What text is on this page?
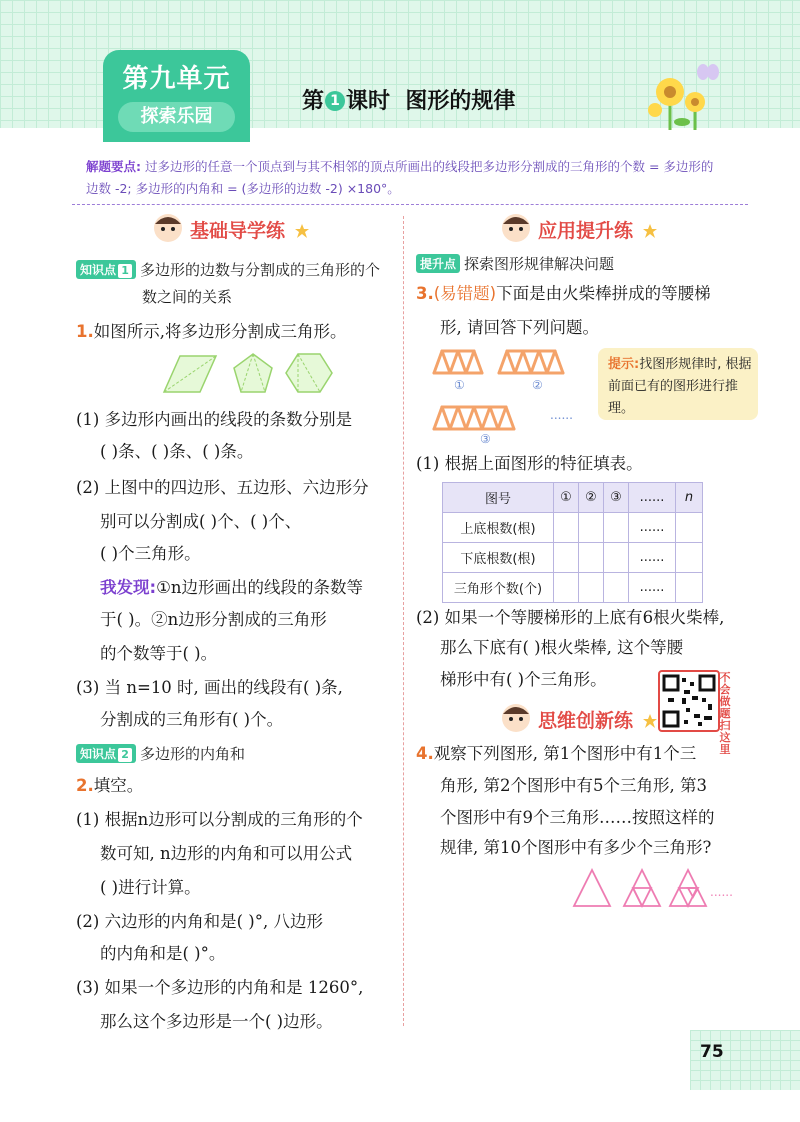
第九单元
探索乐园
第 1 课时 图形的规律
解题要点: 过多边形的任意一个顶点到与其不相邻的顶点所画出的线段把多边形分割成的三角形的个数 = 多边形的
边数 -2; 多边形的内角和 = (多边形的边数 -2) ×180°。
基础导学练
知识点 1 多边形的边数与分割成的三角形的个
数之间的关系
1.如图所示,将多边形分割成三角形。
(1) 多边形内画出的线段的条数分别是
( )条、( )条、( )条。
(2) 上图中的四边形、五边形、六边形分
别可以分割成( )个、( )个、
( )个三角形。
我发现:①n边形画出的线段的条数等
于( )。②n边形分割成的三角形
的个数等于( )。
(3) 当 n=10 时, 画出的线段有( )条,
分割成的三角形有( )个。
知识点 2 多边形的内角和
2.填空。
(1) 根据n边形可以分割成的三角形的个
数可知, n边形的内角和可以用公式
( )进行计算。
(2) 六边形的内角和是( )°, 八边形
的内角和是( )°。
(3) 如果一个多边形的内角和是 1260°,
那么这个多边形是一个( )边形。
应用提升练
提升点 探索图形规律解决问题
3.(易错题)下面是由火柴棒拼成的等腰梯
形, 请回答下列问题。
①	②
③
......
提示:找图形规律时, 根据前面已有的图形进行推理。
(1) 根据上面图形的特征填表。
图号	①	②	③	......	n
上底根数(根)				......	
下底根数(根)				......	
三角形个数(个)				......	
(2) 如果一个等腰梯形的上底有6根火柴棒,
那么下底有( )根火柴棒, 这个等腰
梯形中有( )个三角形。	不会做题扫这里
思维创新练
4.观察下列图形, 第1个图形中有1个三
角形, 第2个图形中有5个三角形, 第3
个图形中有9个三角形……按照这样的
规律, 第10个图形中有多少个三角形?
......
75
